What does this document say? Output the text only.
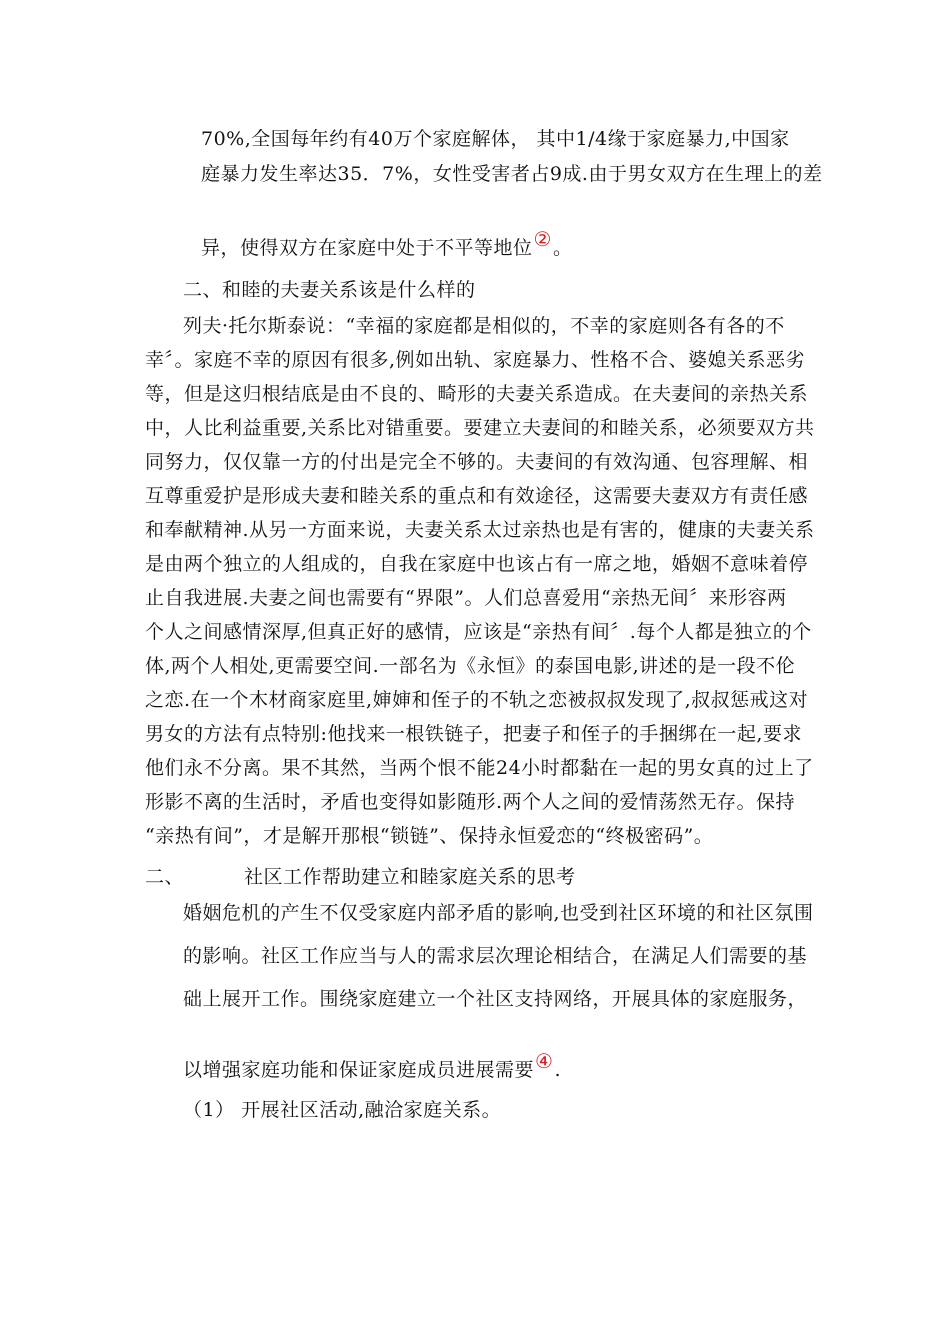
70%,全国每年约有40万个家庭解体， 其中1/4缘于家庭暴力,中国家
庭暴力发生率达35．7%，女性受害者占9成.由于男女双方在生理上的差
异，使得双方在家庭中处于不平等地位②。
二、和睦的夫妻关系该是什么样的
列夫·托尔斯泰说：“幸福的家庭都是相似的，不幸的家庭则各有各的不
幸〞。家庭不幸的原因有很多,例如出轨、家庭暴力、性格不合、婆媳关系恶劣
等，但是这归根结底是由不良的、畸形的夫妻关系造成。在夫妻间的亲热关系
中，人比利益重要,关系比对错重要。要建立夫妻间的和睦关系，必须要双方共
同努力，仅仅靠一方的付出是完全不够的。夫妻间的有效沟通、包容理解、相
互尊重爱护是形成夫妻和睦关系的重点和有效途径，这需要夫妻双方有责任感
和奉献精神.从另一方面来说，夫妻关系太过亲热也是有害的，健康的夫妻关系
是由两个独立的人组成的，自我在家庭中也该占有一席之地，婚姻不意味着停
止自我进展.夫妻之间也需要有“界限”。人们总喜爱用“亲热无间〞来形容两
个人之间感情深厚,但真正好的感情，应该是“亲热有间〞.每个人都是独立的个
体,两个人相处,更需要空间.一部名为《永恒》的泰国电影,讲述的是一段不伦
之恋.在一个木材商家庭里,婶婶和侄子的不轨之恋被叔叔发现了,叔叔惩戒这对
男女的方法有点特别:他找来一根铁链子，把妻子和侄子的手捆绑在一起,要求
他们永不分离。果不其然，当两个恨不能24小时都黏在一起的男女真的过上了
形影不离的生活时，矛盾也变得如影随形.两个人之间的爱情荡然无存。保持
“亲热有间”，才是解开那根“锁链”、保持永恒爱恋的“终极密码”。
二、	社区工作帮助建立和睦家庭关系的思考
婚姻危机的产生不仅受家庭内部矛盾的影响,也受到社区环境的和社区氛围
的影响。社区工作应当与人的需求层次理论相结合，在满足人们需要的基
础上展开工作。围绕家庭建立一个社区支持网络，开展具体的家庭服务，
以增强家庭功能和保证家庭成员进展需要④.
（1） 开展社区活动,融洽家庭关系。
